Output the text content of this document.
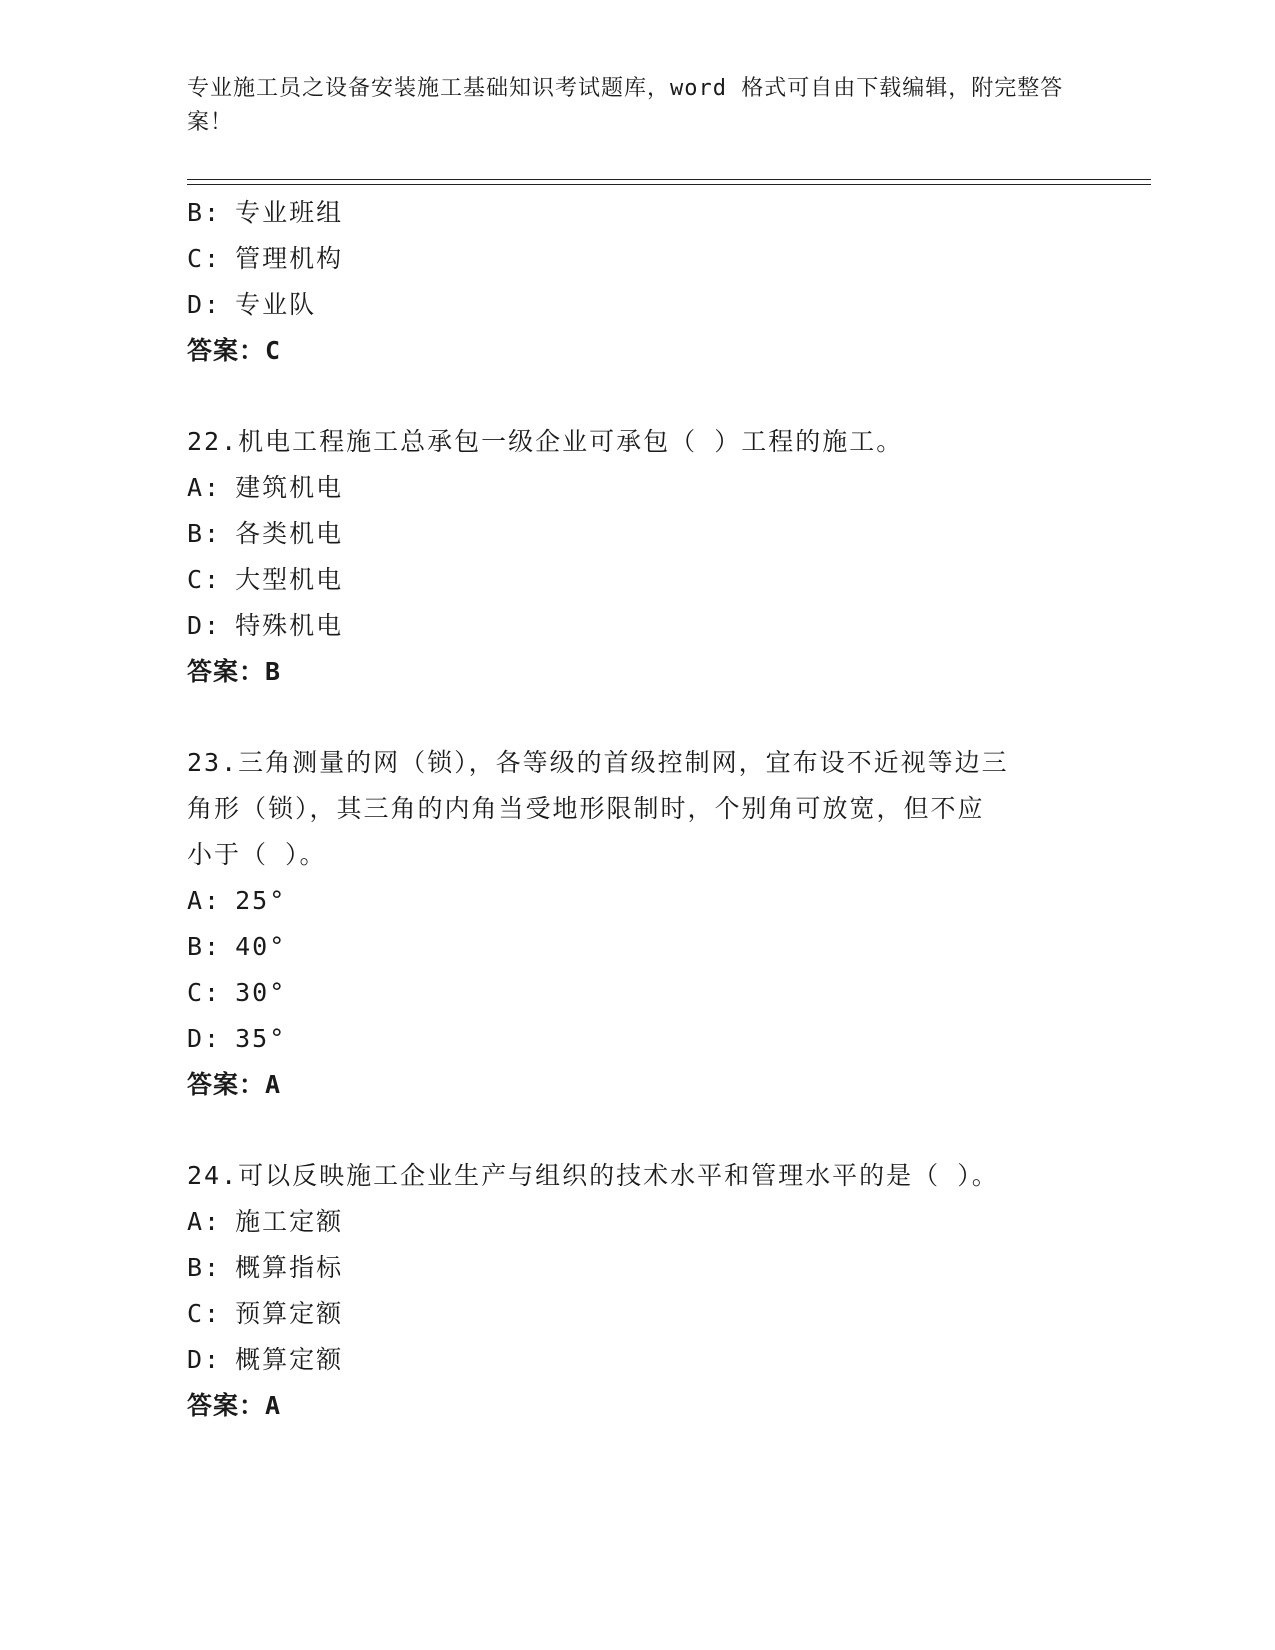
专业施工员之设备安装施工基础知识考试题库，word 格式可自由下载编辑，附完整答案！
B: 专业班组
C: 管理机构
D: 专业队
答案：C
22.机电工程施工总承包一级企业可承包（ ）工程的施工。
A: 建筑机电
B: 各类机电
C: 大型机电
D: 特殊机电
答案：B
23.三角测量的网（锁），各等级的首级控制网，宜布设不近视等边三
角形（锁），其三角的内角当受地形限制时，个别角可放宽，但不应
小于（ ）。
A: 25°
B: 40°
C: 30°
D: 35°
答案：A
24.可以反映施工企业生产与组织的技术水平和管理水平的是（ ）。
A: 施工定额
B: 概算指标
C: 预算定额
D: 概算定额
答案：A
